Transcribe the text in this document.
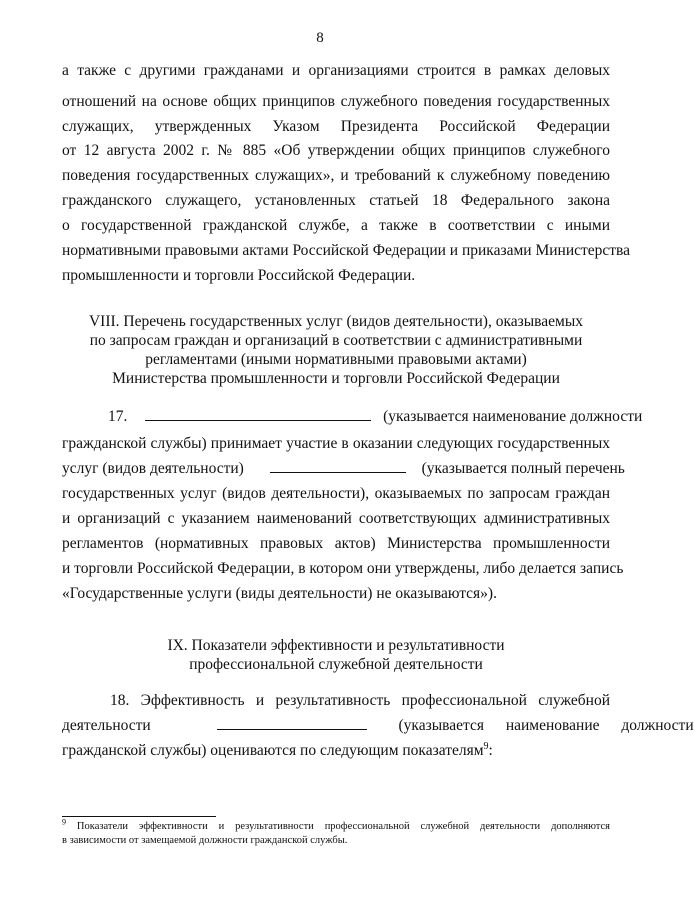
8
а также с другими гражданами и организациями строится в рамках деловых
отношений на основе общих принципов служебного поведения государственных
служащих, утвержденных Указом Президента Российской Федерации
от 12 августа 2002 г. № 885 «Об утверждении общих принципов служебного
поведения государственных служащих», и требований к служебному поведению
гражданского служащего, установленных статьей 18 Федерального закона
о государственной гражданской службе, а также в соответствии с иными
нормативными правовыми актами Российской Федерации и приказами Министерства
промышленности и торговли Российской Федерации.
VIII. Перечень государственных услуг (видов деятельности), оказываемых
по запросам граждан и организаций в соответствии с административными
регламентами (иными нормативными правовыми актами)
Министерства промышленности и торговли Российской Федерации
17.	(указывается наименование должности
гражданской службы) принимает участие в оказании следующих государственных
услуг (видов деятельности)	(указывается полный перечень
государственных услуг (видов деятельности), оказываемых по запросам граждан
и организаций с указанием наименований соответствующих административных
регламентов (нормативных правовых актов) Министерства промышленности
и торговли Российской Федерации, в котором они утверждены, либо делается запись
«Государственные услуги (виды деятельности) не оказываются»).
IX. Показатели эффективности и результативности
профессиональной служебной деятельности
18. Эффективность и результативность профессиональной служебной
деятельности	(указывается наименование должности
гражданской службы) оцениваются по следующим показателям$^9$:
$^9$ Показатели эффективности и результативности профессиональной служебной деятельности дополняются
в зависимости от замещаемой должности гражданской службы.
